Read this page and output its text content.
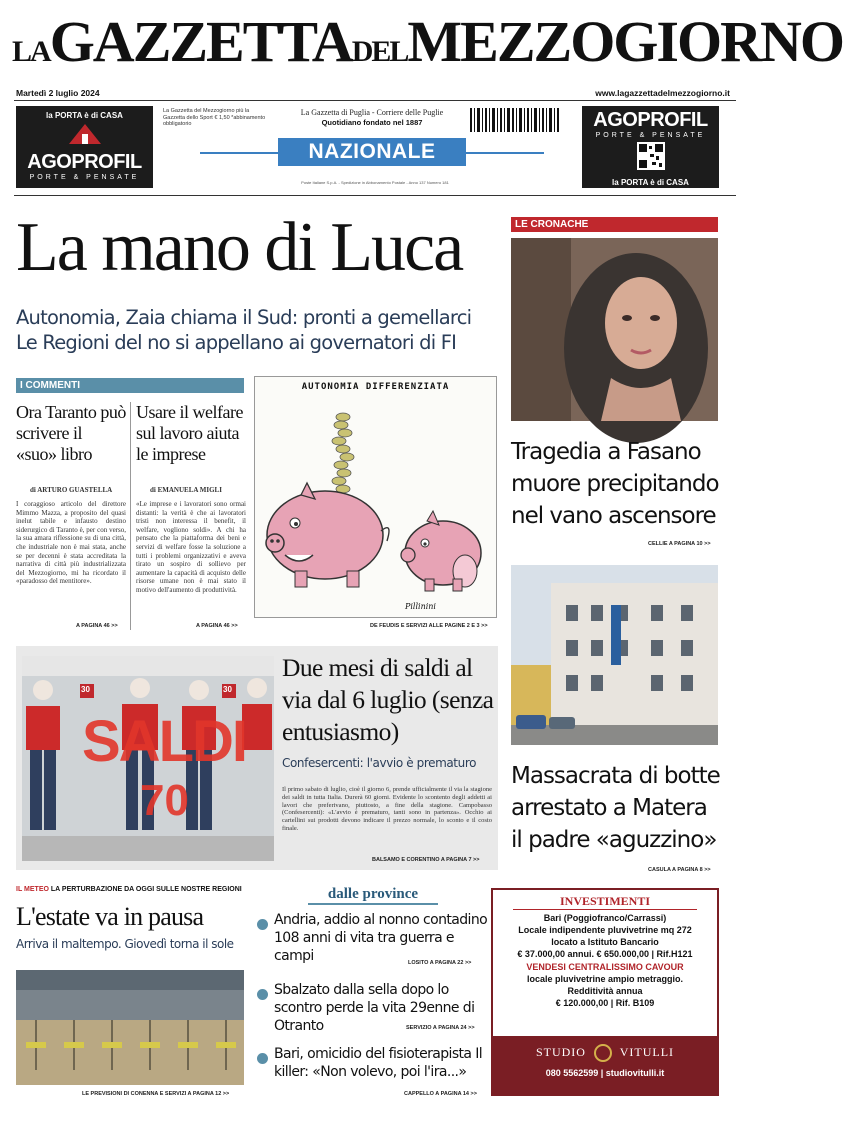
LAGAZZETTADELMEZZOGIORNO
Martedì 2 luglio 2024	www.lagazzettadelmezzogiorno.it
la PORTA è di CASA
AGOPROFIL
PORTE & PENSATE
La Gazzetta del Mezzogiorno più la Gazzetta dello Sport € 1,50 *abbinamento obbligatorio
La Gazzetta di Puglia - Corriere delle Puglie
Quotidiano fondato nel 1887
NAZIONALE
Poste Italiane S.p.A. - Spedizione in Abbonamento Postale - Anno 137 Numero 181
AGOPROFIL
PORTE & PENSATE
la PORTA è di CASA
La mano di Luca
Autonomia, Zaia chiama il Sud: pronti a gemellarci
Le Regioni del no si appellano ai governatori di FI
I COMMENTI
Ora Taranto può scrivere il «suo» libro
di ARTURO GUASTELLA
I coraggioso articolo del direttore Mimmo Mazza, a proposito del quasi inelut tabile e infausto destino siderurgico di Taranto è, per con verso, la sua amara riflessione su di una città, che industriale non è mai stata, anche se per decenni è stata accreditata la narrativa di città più industrializzata del Mezzogiorno, mi ha ricordato il «paradosso del mentitore».
A PAGINA 46 >>
Usare il welfare sul lavoro aiuta le imprese
di EMANUELA MIGLI
«Le imprese e i lavoratori sono ormai distanti: la verità è che ai lavoratori tristi non interessa il benefit, il welfare, vogliono soldi». A chi ha pensato che la piattaforma dei beni e servizi di welfare fosse la soluzione a tutti i problemi organizzativi e aveva tirato un sospiro di sollievo per aumentare la capacità di acquisto delle risorse umane non è mai stato il motivo dell'aumento di produttività.
A PAGINA 46 >>
AUTONOMIA DIFFERENZIATA
Pillinini
DE FEUDIS E SERVIZI ALLE PAGINE 2 E 3 >>
LE CRONACHE
Tragedia a Fasano muore precipitando nel vano ascensore
CELLIE A PAGINA 10 >>
Massacrata di botte arrestato a Matera il padre «aguzzino»
CASULA A PAGINA 8 >>
30	30
SALDI
70
Due mesi di saldi al via dal 6 luglio (senza entusiasmo)
Confesercenti: l'avvio è prematuro
Il primo sabato di luglio, cioè il giorno 6, prende ufficialmente il via la stagione dei saldi in tutta Italia. Durerà 60 giorni. Evidente lo scontento degli addetti ai lavori che preferivano, piuttosto, a fine della stagione. Campobasso (Confesercenti): «L'avvio è prematuro, tanti sono in partenza». Occhio ai cartellini sui prodotti devono indicare il prezzo normale, lo sconto e il costo finale.
BALSAMO E CORENTINO A PAGINA 7 >>
IL METEO LA PERTURBAZIONE DA OGGI SULLE NOSTRE REGIONI
L'estate va in pausa
Arriva il maltempo. Giovedì torna il sole
LE PREVISIONI DI CONENNA E SERVIZI A PAGINA 12 >>
dalle province
Andria, addio al nonno contadino 108 anni di vita tra guerra e campi	LOSITO A PAGINA 22 >>
Sbalzato dalla sella dopo lo scontro perde la vita 29enne di Otranto	SERVIZIO A PAGINA 24 >>
Bari, omicidio del fisioterapista Il killer: «Non volevo, poi l'ira...»
CAPPELLO A PAGINA 14 >>
INVESTIMENTI
Bari (Poggiofranco/Carrassi)
Locale indipendente pluvivetrine mq 272
locato a Istituto Bancario
€ 37.000,00 annui. € 650.000,00 | Rif.H121
VENDESI CENTRALISSIMO CAVOUR
locale pluvivetrine ampio metraggio.
Redditività annua
€ 120.000,00 | Rif. B109
STUDIO	VITULLI
080 5562599 | studiovitulli.it
